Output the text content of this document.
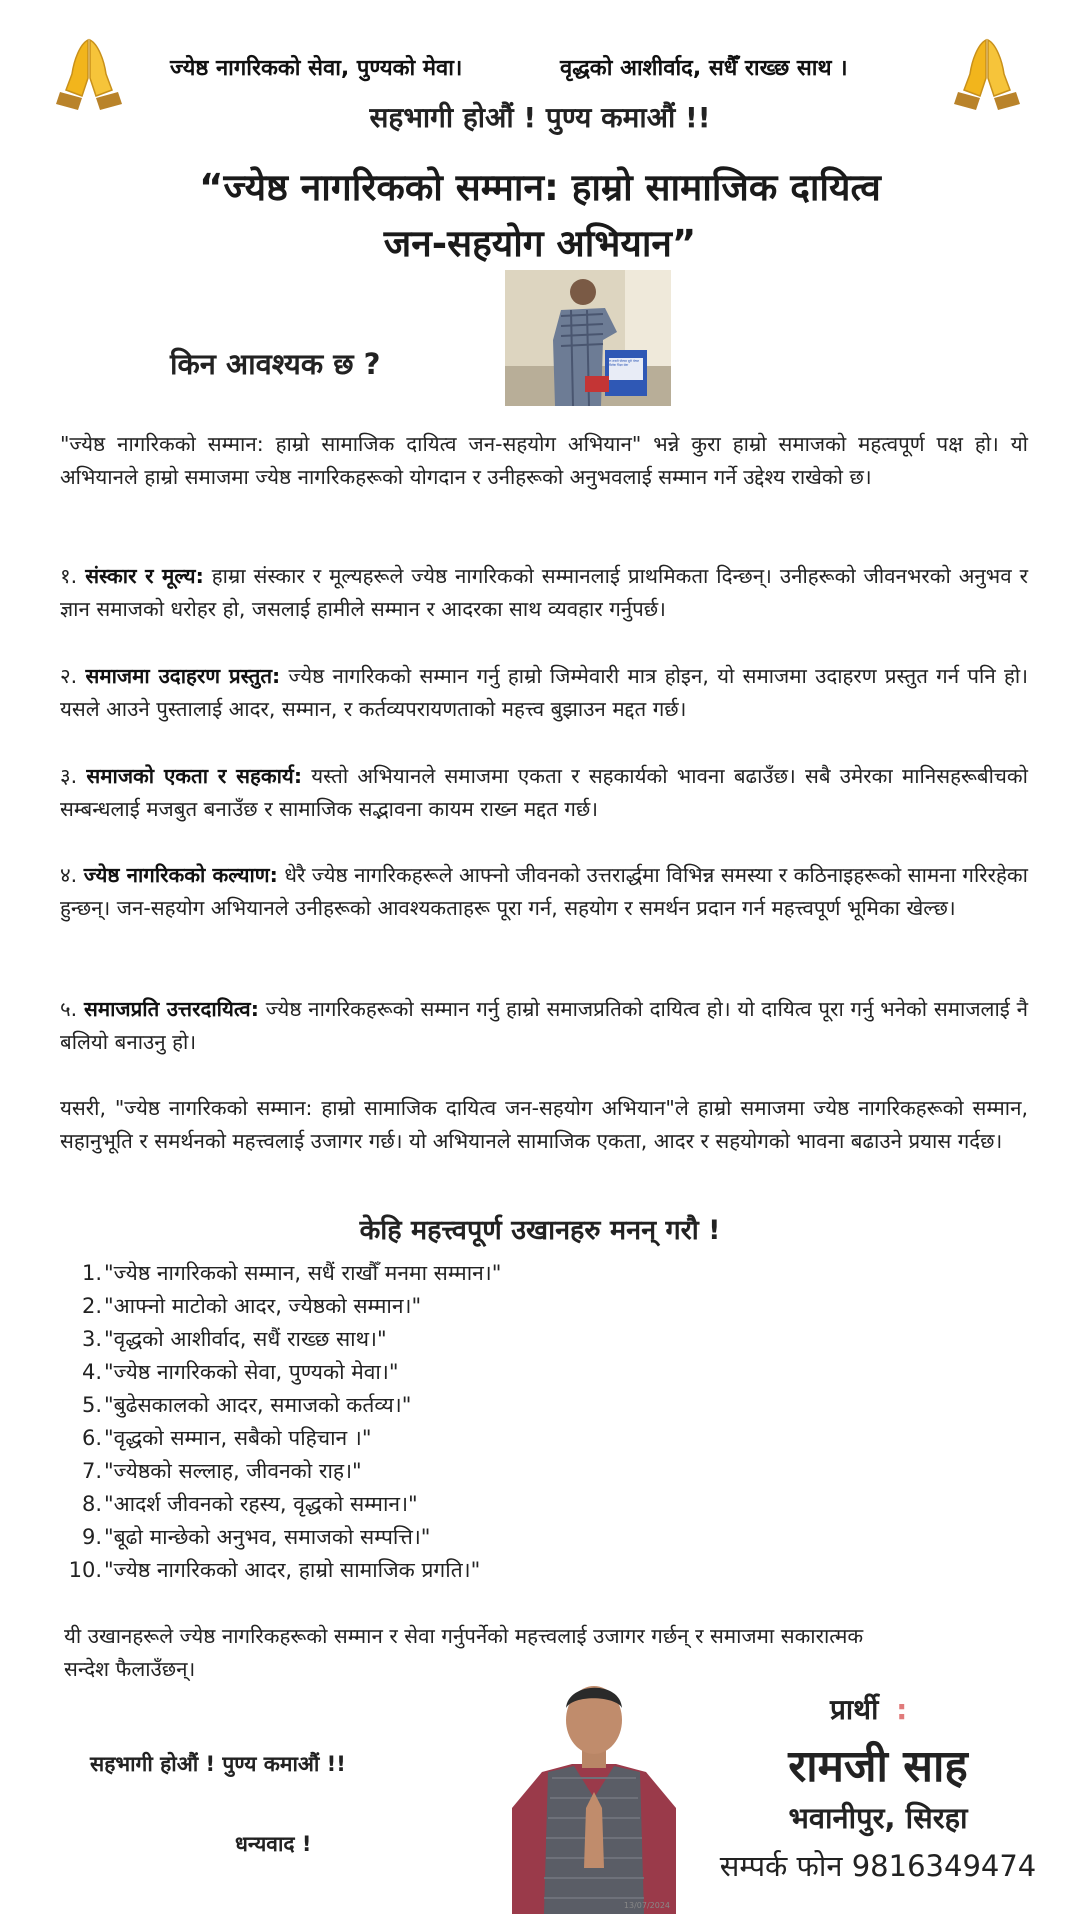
ज्येष्ठ नागरिकको सेवा, पुण्यको मेवा।	वृद्धको आशीर्वाद, सधैँ राख्छ साथ ।
सहभागी होऔं ! पुण्य कमाऔं !!
“ज्येष्ठ नागरिकको सम्मान: हाम्रो सामाजिक दायित्व
जन-सहयोग अभियान”
किन आवश्यक छ ?	रू लकरी पौल्यन्न सुरी भेषज मिलेक भिक्षा सेवा
"ज्येष्ठ नागरिकको सम्मान: हाम्रो सामाजिक दायित्व जन-सहयोग अभियान" भन्ने कुरा हाम्रो समाजको महत्वपूर्ण पक्ष हो। यो अभियानले हाम्रो समाजमा ज्येष्ठ नागरिकहरूको योगदान र उनीहरूको अनुभवलाई सम्मान गर्ने उद्देश्य राखेको छ।
१. संस्कार र मूल्य: हाम्रा संस्कार र मूल्यहरूले ज्येष्ठ नागरिकको सम्मानलाई प्राथमिकता दिन्छन्। उनीहरूको जीवनभरको अनुभव र ज्ञान समाजको धरोहर हो, जसलाई हामीले सम्मान र आदरका साथ व्यवहार गर्नुपर्छ।
२. समाजमा उदाहरण प्रस्तुत: ज्येष्ठ नागरिकको सम्मान गर्नु हाम्रो जिम्मेवारी मात्र होइन, यो समाजमा उदाहरण प्रस्तुत गर्न पनि हो। यसले आउने पुस्तालाई आदर, सम्मान, र कर्तव्यपरायणताको महत्त्व बुझाउन मद्दत गर्छ।
३. समाजको एकता र सहकार्य: यस्तो अभियानले समाजमा एकता र सहकार्यको भावना बढाउँछ। सबै उमेरका मानिसहरूबीचको सम्बन्धलाई मजबुत बनाउँछ र सामाजिक सद्भावना कायम राख्न मद्दत गर्छ।
४. ज्येष्ठ नागरिकको कल्याण: धेरै ज्येष्ठ नागरिकहरूले आफ्नो जीवनको उत्तरार्द्धमा विभिन्न समस्या र कठिनाइहरूको सामना गरिरहेका हुन्छन्। जन-सहयोग अभियानले उनीहरूको आवश्यकताहरू पूरा गर्न, सहयोग र समर्थन प्रदान गर्न महत्त्वपूर्ण भूमिका खेल्छ।
५. समाजप्रति उत्तरदायित्व: ज्येष्ठ नागरिकहरूको सम्मान गर्नु हाम्रो समाजप्रतिको दायित्व हो। यो दायित्व पूरा गर्नु भनेको समाजलाई नै बलियो बनाउनु हो।
यसरी, "ज्येष्ठ नागरिकको सम्मान: हाम्रो सामाजिक दायित्व जन-सहयोग अभियान"ले हाम्रो समाजमा ज्येष्ठ नागरिकहरूको सम्मान, सहानुभूति र समर्थनको महत्त्वलाई उजागर गर्छ। यो अभियानले सामाजिक एकता, आदर र सहयोगको भावना बढाउने प्रयास गर्दछ।
केहि महत्त्वपूर्ण उखानहरु मनन् गरौ !
1. "ज्येष्ठ नागरिकको सम्मान, सधैं राखौँ मनमा सम्मान।"
2. "आफ्नो माटोको आदर, ज्येष्ठको सम्मान।"
3. "वृद्धको आशीर्वाद, सधैं राख्छ साथ।"
4. "ज्येष्ठ नागरिकको सेवा, पुण्यको मेवा।"
5. "बुढेसकालको आदर, समाजको कर्तव्य।"
6. "वृद्धको सम्मान, सबैको पहिचान ।"
7. "ज्येष्ठको सल्लाह, जीवनको राह।"
8. "आदर्श जीवनको रहस्य, वृद्धको सम्मान।"
9. "बूढो मान्छेको अनुभव, समाजको सम्पत्ति।"
10. "ज्येष्ठ नागरिकको आदर, हाम्रो सामाजिक प्रगति।"
यी उखानहरूले ज्येष्ठ नागरिकहरूको सम्मान र सेवा गर्नुपर्नेको महत्त्वलाई उजागर गर्छन् र समाजमा सकारात्मक सन्देश फैलाउँछन्।
सहभागी होऔं ! पुण्य कमाऔं !!
धन्यवाद !
13/07/2024
प्रार्थी :
रामजी साह
भवानीपुर, सिरहा
सम्पर्क फोन 9816349474
